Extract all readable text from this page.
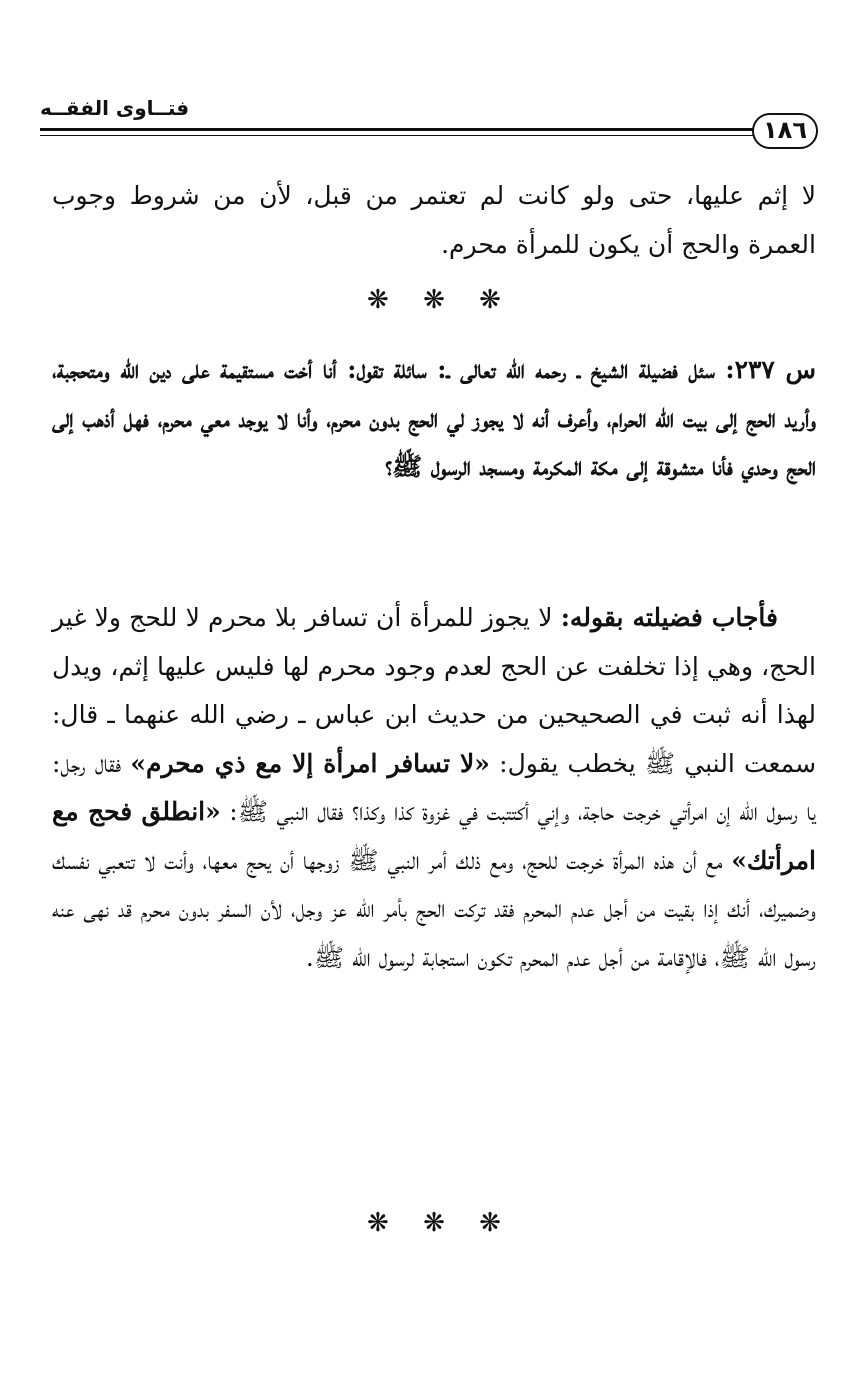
فتــاوى الفقــه
١٨٦

لا إثم عليها، حتى ولو كانت لم تعتمر من قبل، لأن من شروط وجوب العمرة والحج أن يكون للمرأة محرم.

❋ ❋ ❋

س ٢٣٧: سئل فضيلة الشيخ ـ رحمه الله تعالى ـ: سائلة تقول: أنا أخت مستقيمة على دين الله ومتحجبة، وأريد الحج إلى بيت الله الحرام، وأعرف أنه لا يجوز لي الحج بدون محرم، وأنا لا يوجد معي محرم، فهل أذهب إلى الحج وحدي فأنا متشوقة إلى مكة المكرمة ومسجد الرسول ﷺ؟

فأجاب فضيلته بقوله: لا يجوز للمرأة أن تسافر بلا محرم لا للحج ولا غير الحج، وهي إذا تخلفت عن الحج لعدم وجود محرم لها فليس عليها إثم، ويدل لهذا أنه ثبت في الصحيحين من حديث ابن عباس ـ رضي الله عنهما ـ قال: سمعت النبي ﷺ يخطب يقول: «لا تسافر امرأة إلا مع ذي محرم» فقال رجل: يا رسول الله إن امرأتي خرجت حاجة، وإني أكتتبت في غزوة كذا وكذا؟ فقال النبي ﷺ: «انطلق فحج مع امرأتك» مع أن هذه المرأة خرجت للحج، ومع ذلك أمر النبي ﷺ زوجها أن يحج معها، وأنت لا تتعبي نفسك وضميرك، أنك إذا بقيت من أجل عدم المحرم فقد تركت الحج بأمر الله عز وجل، لأن السفر بدون محرم قد نهى عنه رسول الله ﷺ، فالإقامة من أجل عدم المحرم تكون استجابة لرسول الله ﷺ.

❋ ❋ ❋
